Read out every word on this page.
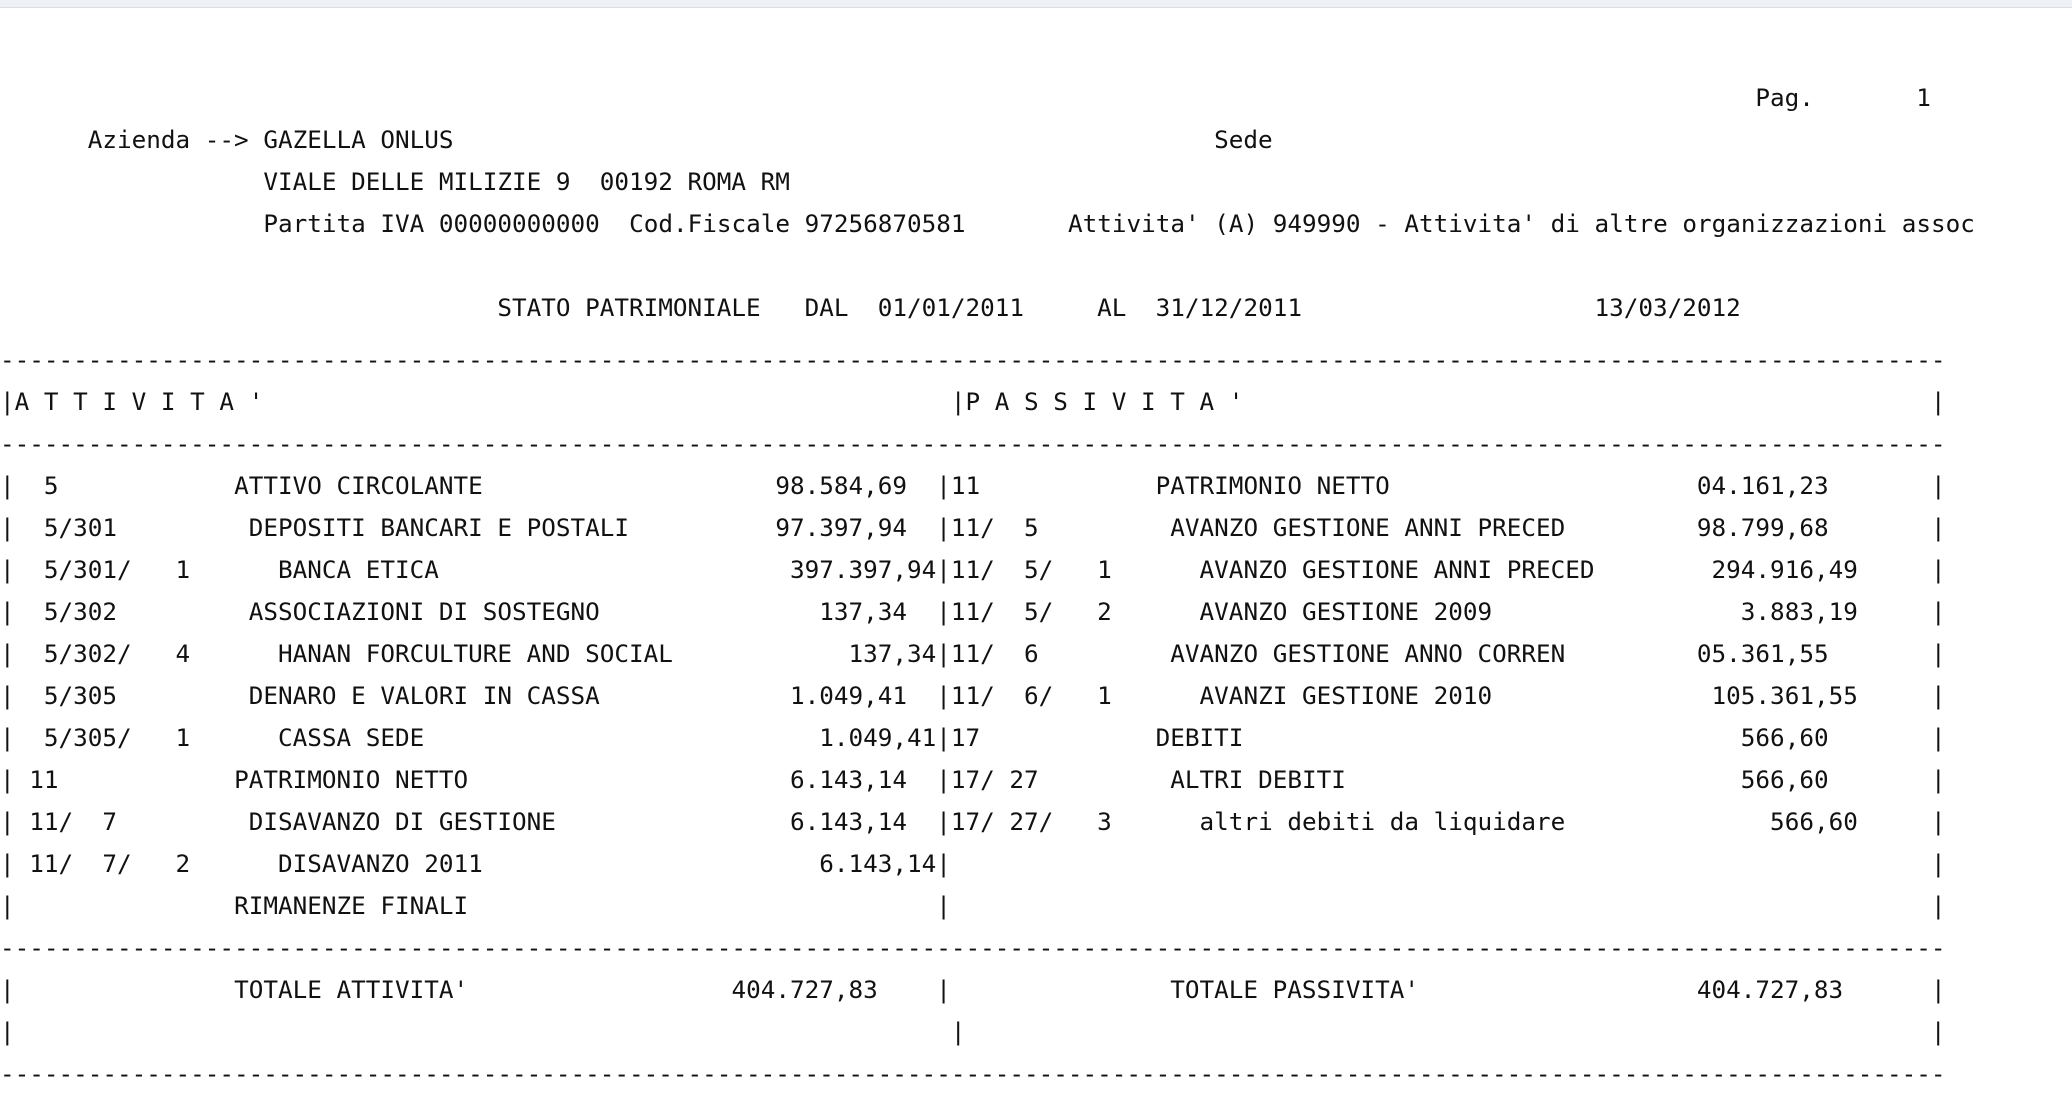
Pag.	1
Azienda --> GAZELLA ONLUS	Sede
VIALE DELLE MILIZIE 9  00192 ROMA RM
Partita IVA 00000000000 Cod.Fiscale 97256870581	Attivita' (A) 949990 - Attivita' di altre organizzazioni assoc
STATO PATRIMONIALE DAL 01/01/2011	AL 31/12/2011	13/03/2012
-------------------------------------------------------------------------------------------------------------------------------------
|A T T I V I T A '                                               |P A S S I V I T A '                                               |
-------------------------------------------------------------------------------------------------------------------------------------
|  5            ATTIVO CIRCOLANTE	98.584,69 |11            PATRIMONIO NETTO	04.161,23       |
|  5/301         DEPOSITI BANCARI E POSTALI	97.397,94 |11/  5         AVANZO GESTIONE ANNI PRECED	98.799,68       |
|  5/301/   1      BANCA ETICA	397.397,94|11/  5/   1      AVANZO GESTIONE ANNI PRECED	294.916,49     |
|  5/302         ASSOCIAZIONI DI SOSTEGNO	137,34 |11/  5/   2      AVANZO GESTIONE 2009	3.883,19     |
|  5/302/   4      HANAN FORCULTURE AND SOCIAL	137,34|11/  6         AVANZO GESTIONE ANNO CORREN	05.361,55       |
|  5/305         DENARO E VALORI IN CASSA	1.049,41 |11/  6/   1      AVANZI GESTIONE 2010	105.361,55     |
|  5/305/   1      CASSA SEDE	1.049,41|17            DEBITI	566,60       |
| 11            PATRIMONIO NETTO	6.143,14 |17/ 27         ALTRI DEBITI	566,60       |
| 11/  7         DISAVANZO DI GESTIONE	6.143,14 |17/ 27/   3      altri debiti da liquidare	566,60     |
| 11/  7/   2      DISAVANZO 2011	6.143,14|	|
|	RIMANENZE FINALI	|	|
-------------------------------------------------------------------------------------------------------------------------------------
|               TOTALE ATTIVITA'	404.727,83    |               TOTALE PASSIVITA'	404.727,83      |
|                                                                |                                                                  |
-------------------------------------------------------------------------------------------------------------------------------------
